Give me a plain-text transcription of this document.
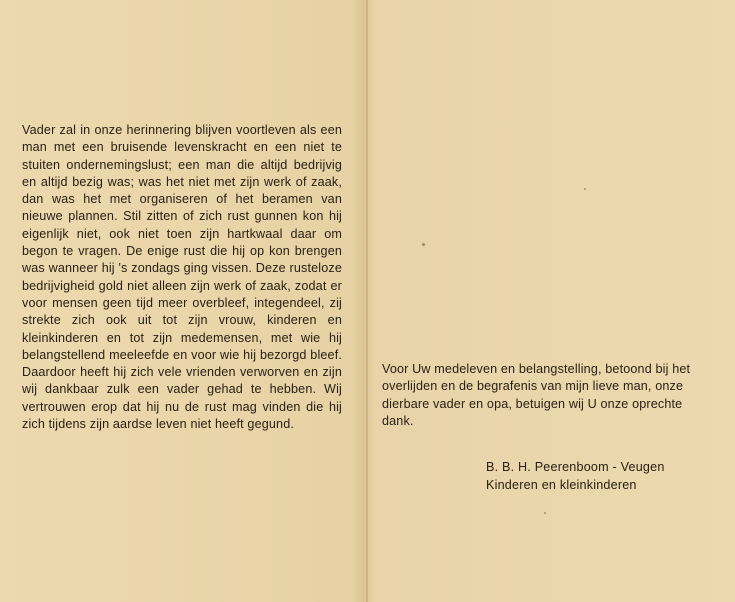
Vader zal in onze herinnering blijven voortleven als een man met een bruisende levenskracht en een niet te stuiten ondernemingslust; een man die altijd bedrijvig en altijd bezig was; was het niet met zijn werk of zaak, dan was het met organiseren of het beramen van nieuwe plannen. Stil zitten of zich rust gunnen kon hij eigenlijk niet, ook niet toen zijn hartkwaal daar om begon te vragen. De enige rust die hij op kon brengen was wanneer hij 's zondags ging vissen. Deze rusteloze bedrijvigheid gold niet alleen zijn werk of zaak, zodat er voor mensen geen tijd meer overbleef, integendeel, zij strekte zich ook uit tot zijn vrouw, kinderen en kleinkinderen en tot zijn medemensen, met wie hij belangstellend meeleefde en voor wie hij bezorgd bleef. Daardoor heeft hij zich vele vrienden verworven en zijn wij dankbaar zulk een vader gehad te hebben. Wij vertrouwen erop dat hij nu de rust mag vinden die hij zich tijdens zijn aardse leven niet heeft gegund.

Voor Uw medeleven en belangstelling, betoond bij het overlijden en de begrafenis van mijn lieve man, onze dierbare vader en opa, betuigen wij U onze oprechte dank.

B. B. H. Peerenboom - Veugen
Kinderen en kleinkinderen
